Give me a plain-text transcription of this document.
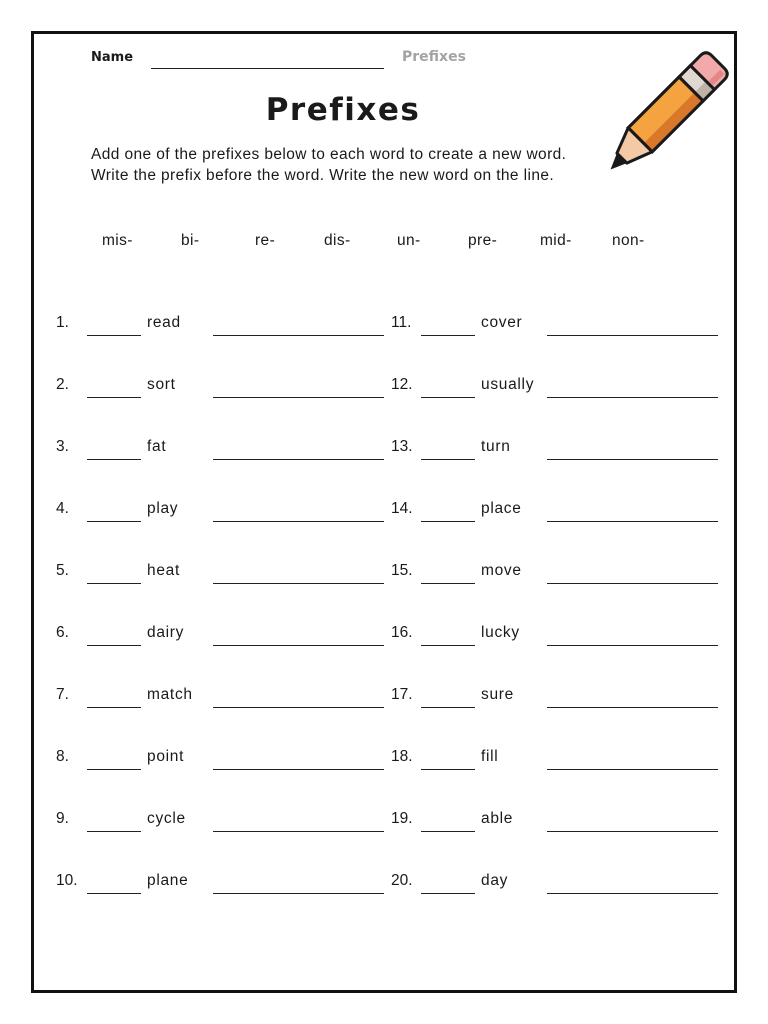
Name	Prefixes
Prefixes
Add one of the prefixes below to each word to create a new word. Write the prefix before the word. Write the new word on the line.
mis-	bi-	re-	dis-	un-	pre-	mid-	non-
1.	read
2.	sort
3.	fat
4.	play
5.	heat
6.	dairy
7.	match
8.	point
9.	cycle
10.	plane
11.	cover
12.	usually
13.	turn
14.	place
15.	move
16.	lucky
17.	sure
18.	fill
19.	able
20.	day
